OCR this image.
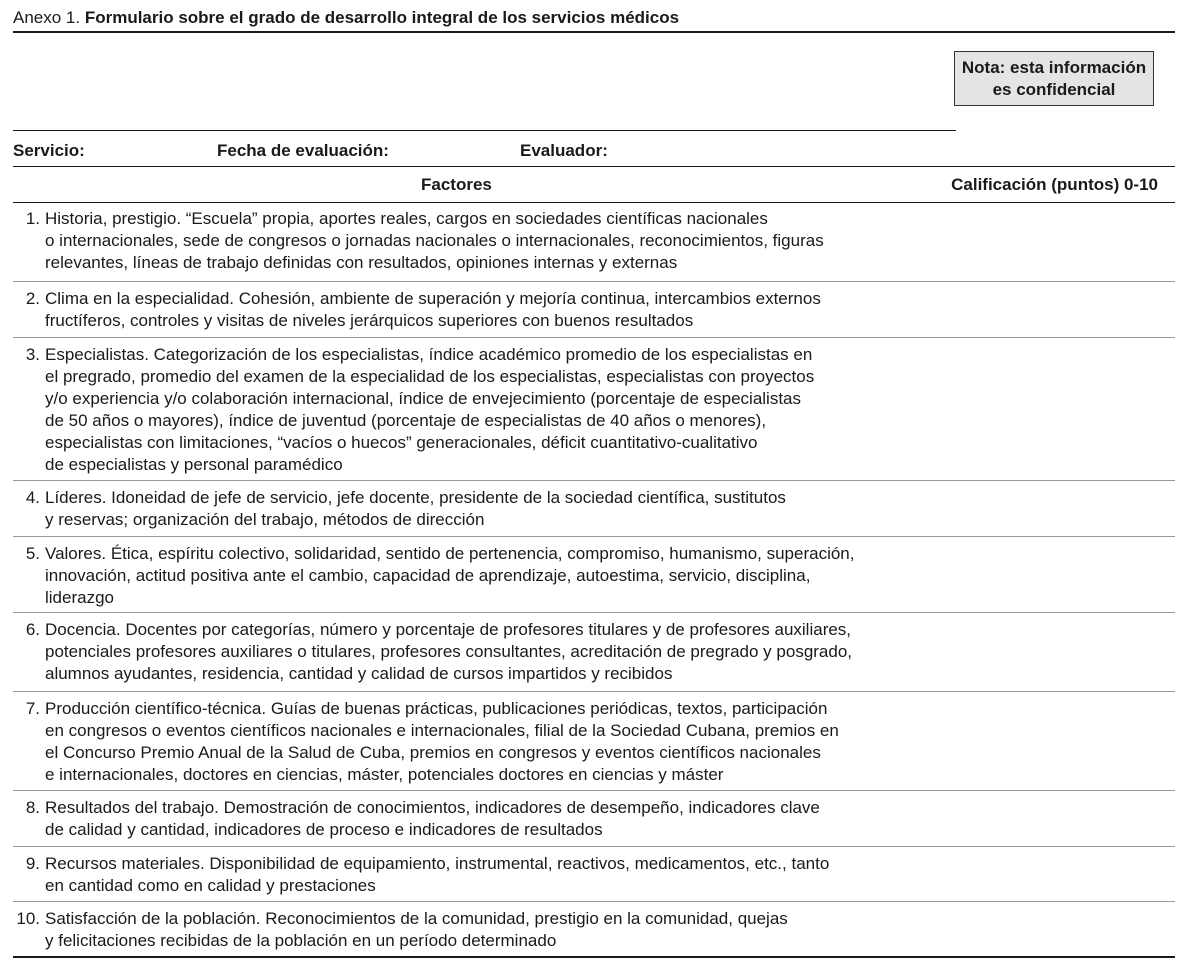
Anexo 1. Formulario sobre el grado de desarrollo integral de los servicios médicos
Nota: esta información
es confidencial
Servicio:	Fecha de evaluación:	Evaluador:
Factores	Calificación (puntos) 0-10
1. Historia, prestigio. “Escuela” propia, aportes reales, cargos en sociedades científicas nacionales
o internacionales, sede de congresos o jornadas nacionales o internacionales, reconocimientos, figuras
relevantes, líneas de trabajo definidas con resultados, opiniones internas y externas
2. Clima en la especialidad. Cohesión, ambiente de superación y mejoría continua, intercambios externos
fructíferos, controles y visitas de niveles jerárquicos superiores con buenos resultados
3. Especialistas. Categorización de los especialistas, índice académico promedio de los especialistas en
el pregrado, promedio del examen de la especialidad de los especialistas, especialistas con proyectos
y/o experiencia y/o colaboración internacional, índice de envejecimiento (porcentaje de especialistas
de 50 años o mayores), índice de juventud (porcentaje de especialistas de 40 años o menores),
especialistas con limitaciones, “vacíos o huecos” generacionales, déficit cuantitativo-cualitativo
de especialistas y personal paramédico
4. Líderes. Idoneidad de jefe de servicio, jefe docente, presidente de la sociedad científica, sustitutos
y reservas; organización del trabajo, métodos de dirección
5. Valores. Ética, espíritu colectivo, solidaridad, sentido de pertenencia, compromiso, humanismo, superación,
innovación, actitud positiva ante el cambio, capacidad de aprendizaje, autoestima, servicio, disciplina,
liderazgo
6. Docencia. Docentes por categorías, número y porcentaje de profesores titulares y de profesores auxiliares,
potenciales profesores auxiliares o titulares, profesores consultantes, acreditación de pregrado y posgrado,
alumnos ayudantes, residencia, cantidad y calidad de cursos impartidos y recibidos
7. Producción científico-técnica. Guías de buenas prácticas, publicaciones periódicas, textos, participación
en congresos o eventos científicos nacionales e internacionales, filial de la Sociedad Cubana, premios en
el Concurso Premio Anual de la Salud de Cuba, premios en congresos y eventos científicos nacionales
e internacionales, doctores en ciencias, máster, potenciales doctores en ciencias y máster
8. Resultados del trabajo. Demostración de conocimientos, indicadores de desempeño, indicadores clave
de calidad y cantidad, indicadores de proceso e indicadores de resultados
9. Recursos materiales. Disponibilidad de equipamiento, instrumental, reactivos, medicamentos, etc., tanto
en cantidad como en calidad y prestaciones
10. Satisfacción de la población. Reconocimientos de la comunidad, prestigio en la comunidad, quejas
y felicitaciones recibidas de la población en un período determinado
